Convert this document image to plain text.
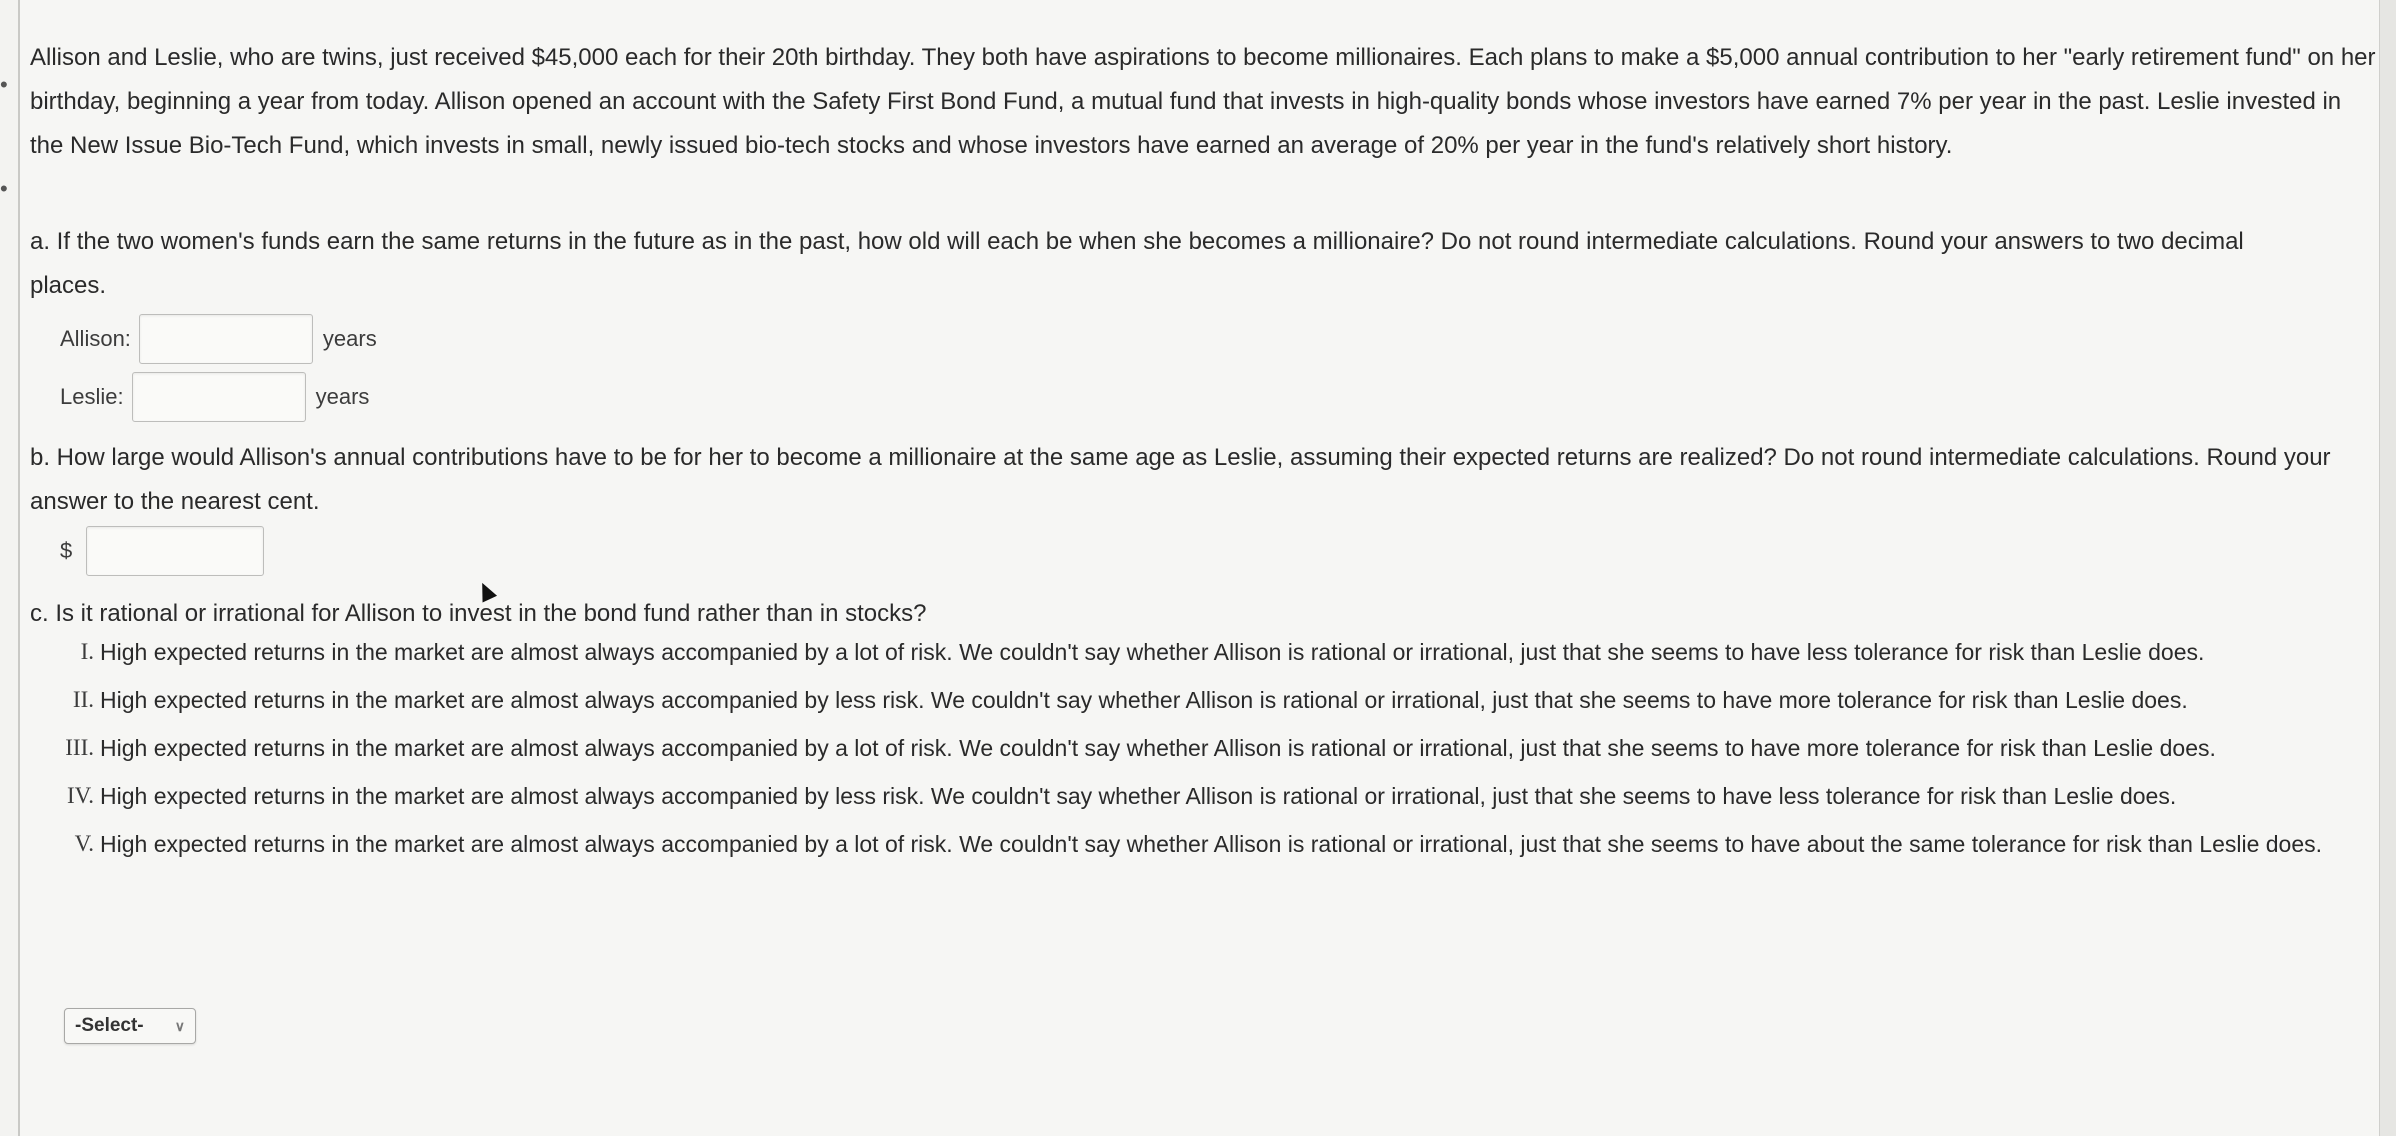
•
•

Allison and Leslie, who are twins, just received $45,000 each for their 20th birthday. They both have aspirations to become millionaires. Each plans to make a $5,000 annual contribution to her "early retirement fund" on her birthday, beginning a year from today. Allison opened an account with the Safety First Bond Fund, a mutual fund that invests in high-quality bonds whose investors have earned 7% per year in the past. Leslie invested in the New Issue Bio-Tech Fund, which invests in small, newly issued bio-tech stocks and whose investors have earned an average of 20% per year in the fund's relatively short history.

a. If the two women's funds earn the same returns in the future as in the past, how old will each be when she becomes a millionaire? Do not round intermediate calculations. Round your answers to two decimal places.
Allison:	years
Leslie:	years
b. How large would Allison's annual contributions have to be for her to become a millionaire at the same age as Leslie, assuming their expected returns are realized? Do not round intermediate calculations. Round your answer to the nearest cent.
$
c. Is it rational or irrational for Allison to invest in the bond fund rather than in stocks?
I. High expected returns in the market are almost always accompanied by a lot of risk. We couldn't say whether Allison is rational or irrational, just that she seems to have less tolerance for risk than Leslie does.
II. High expected returns in the market are almost always accompanied by less risk. We couldn't say whether Allison is rational or irrational, just that she seems to have more tolerance for risk than Leslie does.
III. High expected returns in the market are almost always accompanied by a lot of risk. We couldn't say whether Allison is rational or irrational, just that she seems to have more tolerance for risk than Leslie does.
IV. High expected returns in the market are almost always accompanied by less risk. We couldn't say whether Allison is rational or irrational, just that she seems to have less tolerance for risk than Leslie does.
V. High expected returns in the market are almost always accompanied by a lot of risk. We couldn't say whether Allison is rational or irrational, just that she seems to have about the same tolerance for risk than Leslie does.
-Select- ∨
